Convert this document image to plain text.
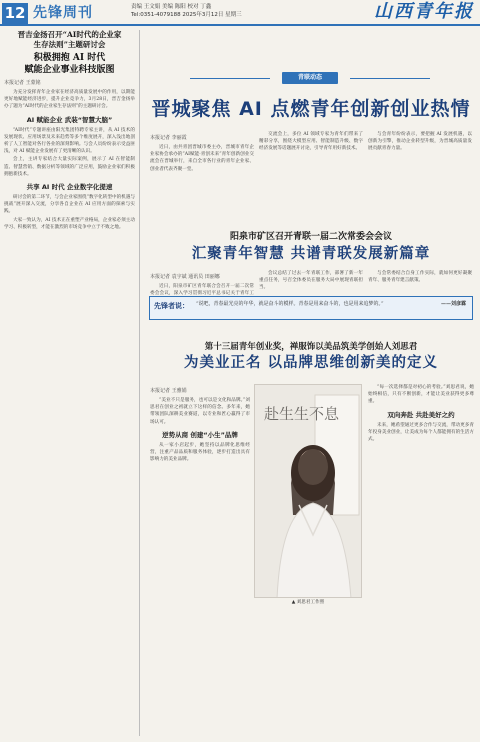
12 先锋周刊	责编 王文娟 美编 陈阳 校对 丁鑫
Tel:0351-4079188 2025年3月12日 星期三	山西青年报
晋吉金扬召开“AI时代的企业家
生存法则”主题研讨会
积极拥抱 AI 时代
赋能企业事业科技版图
本报记者 王蒙铭

为充分发挥青年企业家在经济高质量发展中的作用，以期能更好地赋能经济进步，提升企业竞争力，3月28日，晋吉金扬举办了题为“AI时代的企业家生存法则”的主题研讨会。

AI 赋能企业 武装“智慧大脑”

“AI时代”专题讲座由阳光集团特聘专家主讲，从 AI 技术的发展现状、应用场景及未来趋势等多个维度展开，深入浅出地剖析了人工智能对各行各业的深刻影响。与会人员纷纷表示受益匪浅，对 AI 赋能企业发展有了更清晰的认识。

会上，主讲专家结合大量实际案例，展示了 AI 在智能制造、智慧营销、数据分析等领域的广泛应用，鼓励企业家们积极拥抱新技术。

共享 AI 时代 企业数字化提速

研讨会的第二环节，与会企业家围绕“数字化转型中的机遇与挑战”展开深入交流，分享各自企业在 AI 应用方面的探索与实践。

大家一致认为，AI 技术正在重塑产业格局，企业家必须主动学习、积极转型，才能在激烈的市场竞争中立于不败之地。

青联动态
晋城聚焦 AI 点燃青年创新创业热情
本报记者 李丽霞

近日，由共青团晋城市委主办，晋城市青年企业家协会承办的“AI赋能·青创未来”青年创新创业交流会在晋城举行，来自全市各行业的青年企业家、创业者代表齐聚一堂。

交流会上，多位 AI 领域专家为青年们带来了精彩分享，围绕大模型应用、智能制造升级、数字经济发展等话题展开讨论，引导青年用好新技术。

与会青年纷纷表示，要把握 AI 发展机遇，以创新为引擎，推动企业转型升级，为晋城高质量发展贡献青春力量。

阳泉市矿区召开青联一届二次常委会会议
汇聚青年智慧 共谱青联发展新篇章
本报记者 袁宇斌 通讯员 田丽娜

近日，阳泉市矿区青年联合会召开一届二次常委会会议，深入学习贯彻习近平总书记关于青年工

会议总结了过去一年青联工作，部署了新一年重点任务，号召全体委员在服务大局中展现青联担当。

与会常委结合自身工作实际，就如何更好凝聚青年、服务青年建言献策。

先锋者说： “说吧，青春最光亮的年华，就是奋斗的模样。青春是用来奋斗的，也是用来追梦的。”	——刘彦霖
第十三届青年创业奖，禅服饰以美品筑美学创始人刘思君
为美业正名 以品牌思维创新美的定义
本报记者 王雅娟

“美业不只是服务，也可以是文化和品牌。”刘思君在创业之初就立下这样的信念。多年来，她带领团队深耕美业赛道，以专业和匠心赢得了市场认可。

逆势从商 创建“小生”品牌

从一家小店起步，她坚持以品牌化思维经营，注重产品品质和服务体验，逐步打造出具有影响力的美业品牌。

赴生生不息
▲ 刘思君工作照

“每一次选择都是对初心的考验。”刘思君说，她始终相信，只有不断创新，才能让美业获得更多尊重。

双向奔赴 共赴美好之约

未来，她希望通过更多合作与交流，带动更多青年投身美业创业，让美成为每个人都能拥有的生活方式。
